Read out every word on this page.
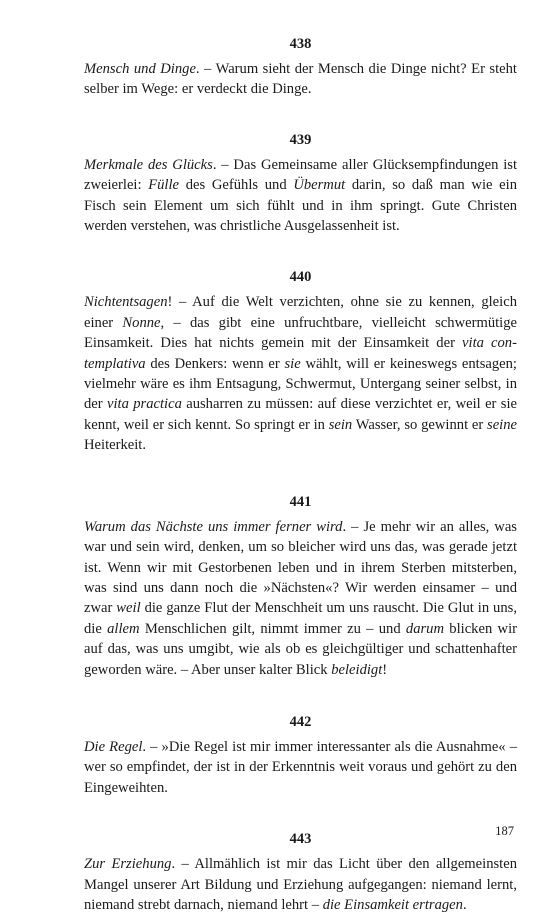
438

Mensch und Dinge. – Warum sieht der Mensch die Dinge nicht? Er steht selber im Wege: er verdeckt die Dinge.

439

Merkmale des Glücks. – Das Gemeinsame aller Glücksempfindungen ist zweierlei: Fülle des Gefühls und Übermut darin, so daß man wie ein Fisch sein Element um sich fühlt und in ihm springt. Gute Christen werden verstehen, was christliche Ausgelassenheit ist.

440

Nichtentsagen! – Auf die Welt verzichten, ohne sie zu kennen, gleich einer Nonne, – das gibt eine unfruchtbare, vielleicht schwermütige Einsamkeit. Dies hat nichts gemein mit der Einsamkeit der vita contemplativa des Denkers: wenn er sie wählt, will er keineswegs entsagen; vielmehr wäre es ihm Entsagung, Schwermut, Untergang seiner selbst, in der vita practica ausharren zu müssen: auf diese verzichtet er, weil er sie kennt, weil er sich kennt. So springt er in sein Wasser, so gewinnt er seine Heiterkeit.

441

Warum das Nächste uns immer ferner wird. – Je mehr wir an alles, was war und sein wird, denken, um so bleicher wird uns das, was gerade jetzt ist. Wenn wir mit Gestorbenen leben und in ihrem Sterben mitsterben, was sind uns dann noch die »Nächsten«? Wir werden einsamer – und zwar weil die ganze Flut der Menschheit um uns rauscht. Die Glut in uns, die allem Menschlichen gilt, nimmt immer zu – und darum blicken wir auf das, was uns umgibt, wie als ob es gleichgültiger und schattenhafter geworden wäre. – Aber unser kalter Blick beleidigt!

442

Die Regel. – »Die Regel ist mir immer interessanter als die Ausnahme« – wer so empfindet, der ist in der Erkenntnis weit voraus und gehört zu den Eingeweihten.

443

Zur Erziehung. – Allmählich ist mir das Licht über den allgemeinsten Mangel unserer Art Bildung und Erziehung aufgegangen: niemand lernt, niemand strebt darnach, niemand lehrt – die Einsamkeit ertragen.

187
